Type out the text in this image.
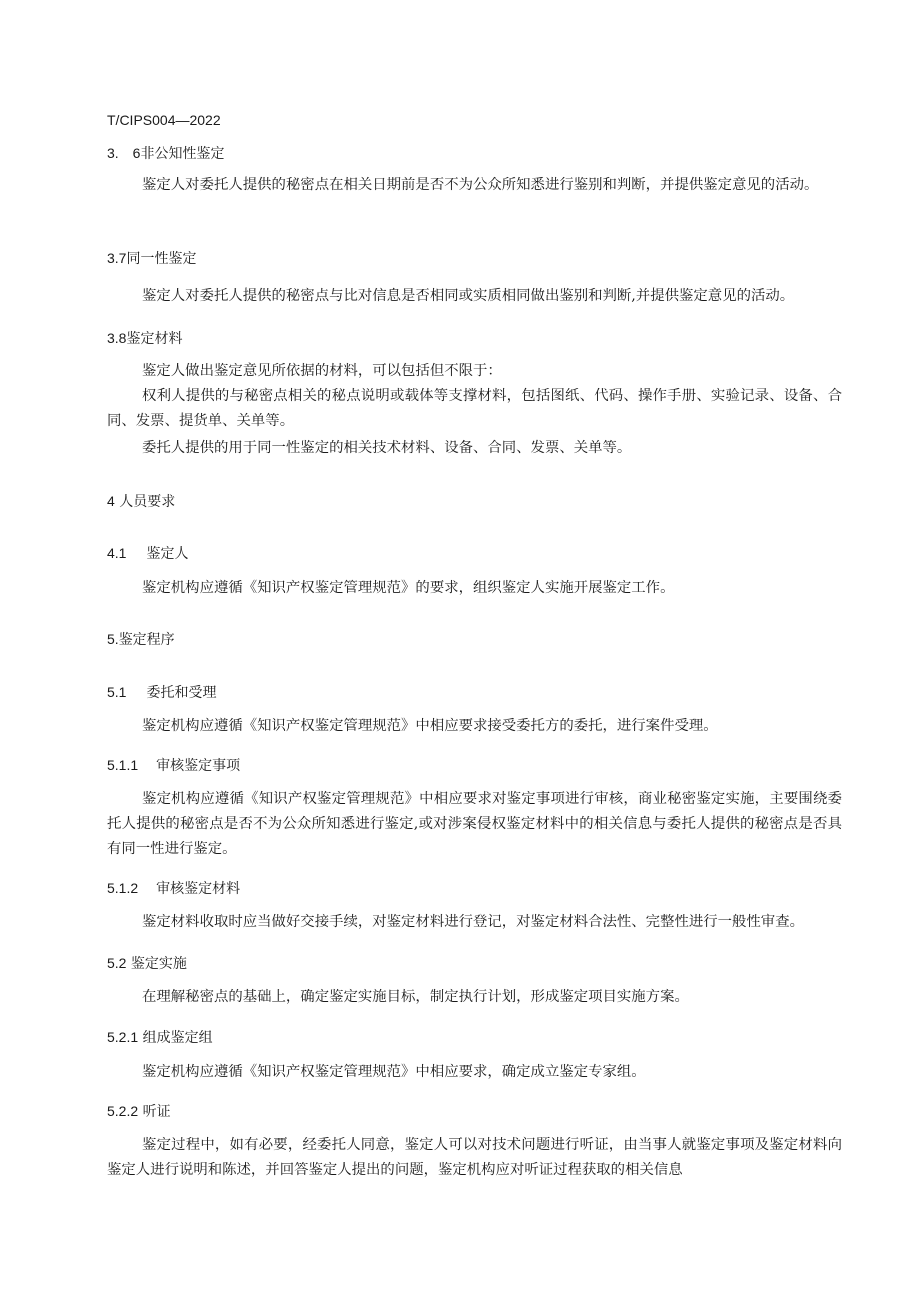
T/CIPS004—2022
3.　6非公知性鉴定
鉴定人对委托人提供的秘密点在相关日期前是否不为公众所知悉进行鉴别和判断，并提供鉴定意见的活动。
3.7同一性鉴定
鉴定人对委托人提供的秘密点与比对信息是否相同或实质相同做出鉴别和判断,并提供鉴定意见的活动。
3.8鉴定材料
鉴定人做出鉴定意见所依据的材料，可以包括但不限于：
权利人提供的与秘密点相关的秘点说明或载体等支撑材料，包括图纸、代码、操作手册、实验记录、设备、合同、发票、提货单、关单等。
委托人提供的用于同一性鉴定的相关技术材料、设备、合同、发票、关单等。
4 人员要求
4.1 鉴定人
鉴定机构应遵循《知识产权鉴定管理规范》的要求，组织鉴定人实施开展鉴定工作。
5.鉴定程序
5.1 委托和受理
鉴定机构应遵循《知识产权鉴定管理规范》中相应要求接受委托方的委托，进行案件受理。
5.1.1 审核鉴定事项
鉴定机构应遵循《知识产权鉴定管理规范》中相应要求对鉴定事项进行审核，商业秘密鉴定实施，主要围绕委托人提供的秘密点是否不为公众所知悉进行鉴定,或对涉案侵权鉴定材料中的相关信息与委托人提供的秘密点是否具有同一性进行鉴定。
5.1.2 审核鉴定材料
鉴定材料收取时应当做好交接手续，对鉴定材料进行登记，对鉴定材料合法性、完整性进行一般性审查。
5.2 鉴定实施
在理解秘密点的基础上，确定鉴定实施目标，制定执行计划，形成鉴定项目实施方案。
5.2.1 组成鉴定组
鉴定机构应遵循《知识产权鉴定管理规范》中相应要求，确定成立鉴定专家组。
5.2.2 听证
鉴定过程中，如有必要，经委托人同意，鉴定人可以对技术问题进行听证，由当事人就鉴定事项及鉴定材料向鉴定人进行说明和陈述，并回答鉴定人提出的问题，鉴定机构应对听证过程获取的相关信息
